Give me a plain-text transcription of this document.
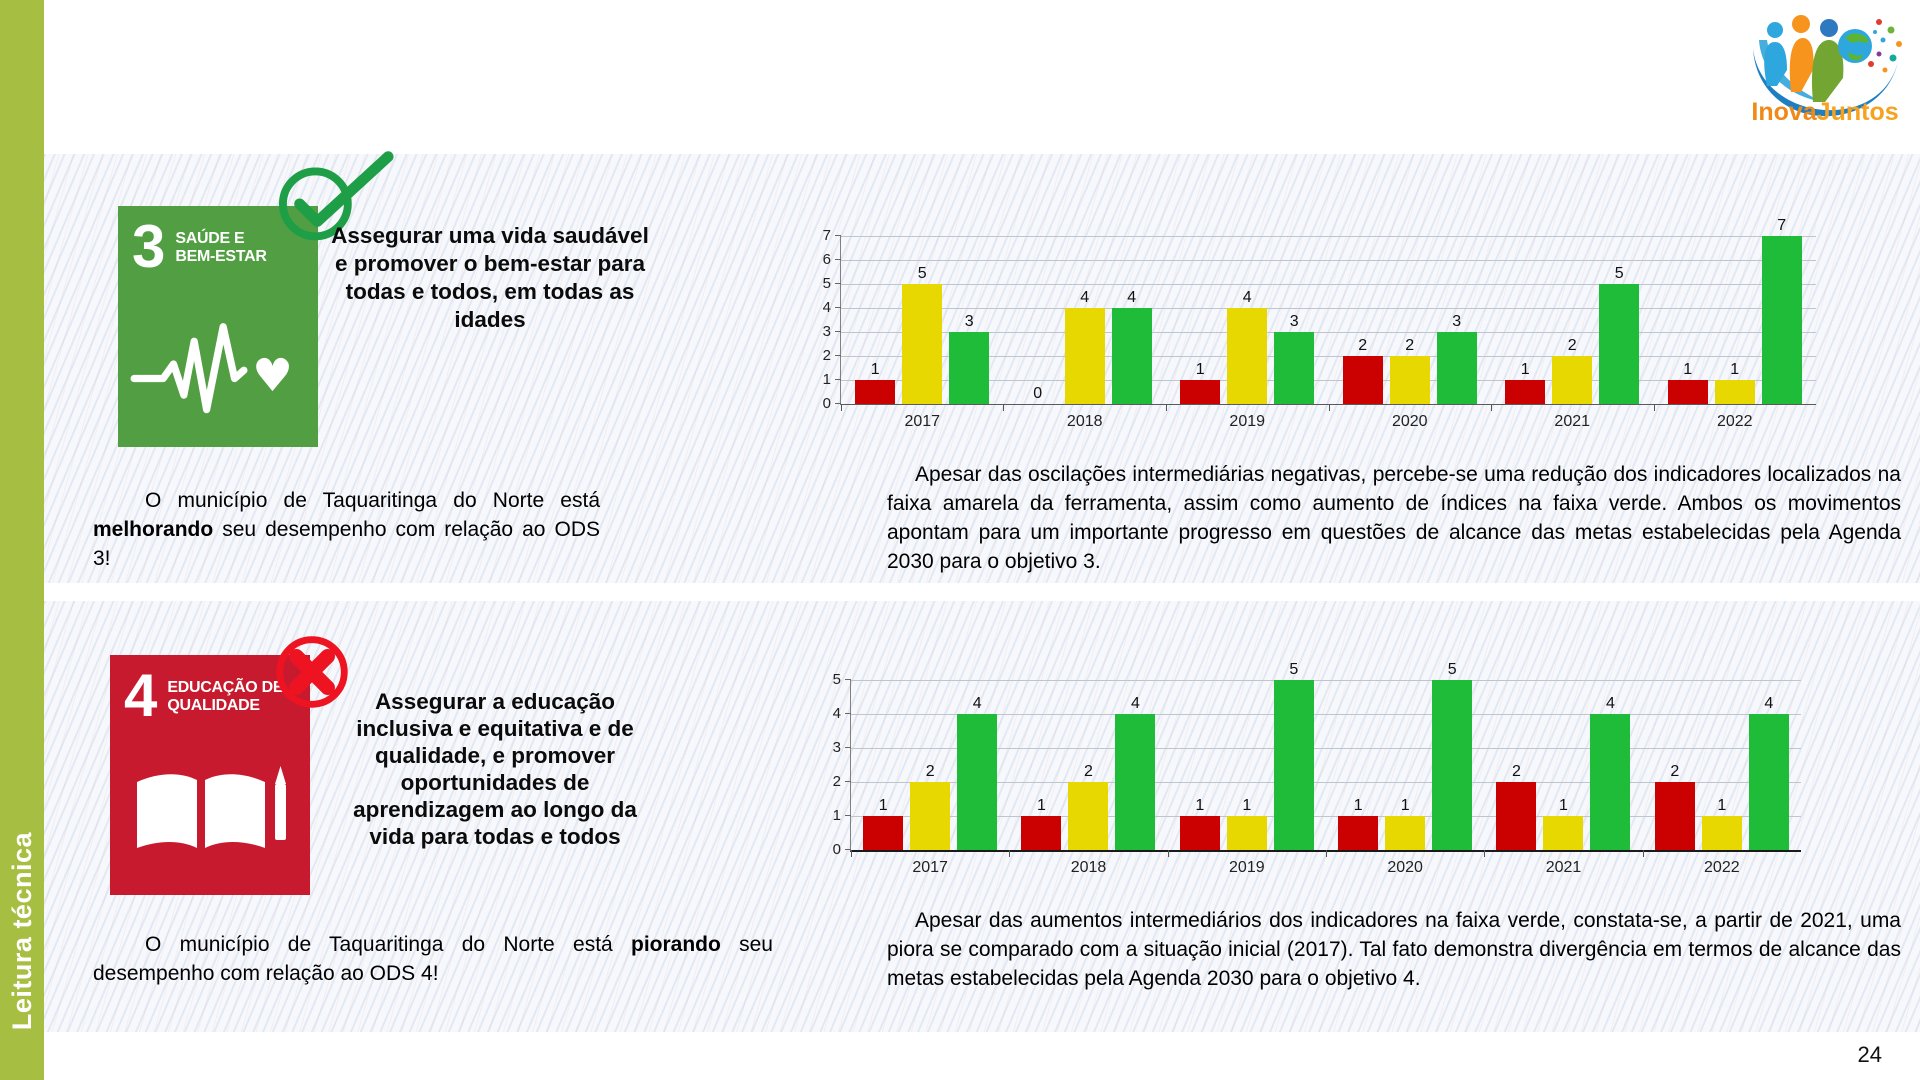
Leitura técnica
InovaJuntos
3 SAÚDE E
BEM-ESTAR
♥
Assegurar uma vida saudável e promover o bem-estar para todas e todos, em todas as idades
0
1
2
3
4
5
6
7
1
5
3
2017
0
4 4
2018
1
4
3
2019
2 2
3
2020
1
2
5
2021
1 1
7
2022
O município de Taquaritinga do Norte está melhorando seu desempenho com relação ao ODS 3!
Apesar das oscilações intermediárias negativas, percebe-se uma redução dos indicadores localizados na faixa amarela da ferramenta, assim como aumento de índices na faixa verde. Ambos os movimentos apontam para um importante progresso em questões de alcance das metas estabelecidas pela Agenda 2030 para o objetivo 3.
4 EDUCAÇÃO DE
QUALIDADE	Assegurar a educação inclusiva e equitativa e de qualidade, e promover oportunidades de aprendizagem ao longo da vida para todas e todos
0
1
2
3
4
5
1
2
4
2017
1
2
4
2018
1 1
5
2019
1 1
5
2020
2
1
4
2021
2
1
4
2022
O município de Taquaritinga do Norte está piorando seu desempenho com relação ao ODS 4!
Apesar das aumentos intermediários dos indicadores na faixa verde, constata-se, a partir de 2021, uma piora se comparado com a situação inicial (2017). Tal fato demonstra divergência em termos de alcance das metas estabelecidas pela Agenda 2030 para o objetivo 4.
24
